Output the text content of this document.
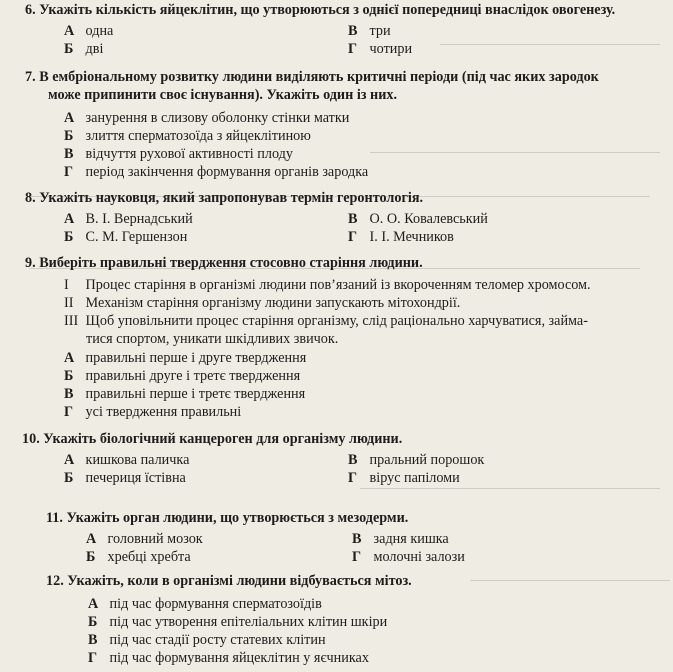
6. Укажіть кількість яйцеклітин, що утворюються з однієї попередниці внаслідок овогенезу.
А одна	В три
Б дві	Г чотири
7. В ембріональному розвитку людини виділяють критичні періоди (під час яких зародок
може припинити своє існування). Укажіть один із них.
А занурення в слизову оболонку стінки матки
Б злиття сперматозоїда з яйцеклітиною
В відчуття рухової активності плоду
Г період закінчення формування органів зародка
8. Укажіть науковця, який запропонував термін геронтологія.
А В. І. Вернадський	В О. О. Ковалевський
Б С. М. Гершензон	Г І. І. Мечников
9. Виберіть правильні твердження стосовно старіння людини.
І Процес старіння в організмі людини пов’язаний із вкороченням теломер хромосом.
ІІ Механізм старіння організму людини запускають мітохондрії.
ІІІ Щоб уповільнити процес старіння організму, слід раціонально харчуватися, займа-
тися спортом, уникати шкідливих звичок.
А правильні перше і друге твердження
Б правильні друге і третє твердження
В правильні перше і третє твердження
Г усі твердження правильні
10. Укажіть біологічний канцероген для організму людини.
А кишкова паличка	В пральний порошок
Б печериця їстівна	Г вірус папіломи
11. Укажіть орган людини, що утворюється з мезодерми.
А головний мозок	В задня кишка
Б хребці хребта	Г молочні залози
12. Укажіть, коли в організмі людини відбувається мітоз.
А під час формування сперматозоїдів
Б під час утворення епітеліальних клітин шкіри
В під час стадії росту статевих клітин
Г під час формування яйцеклітин у яєчниках
